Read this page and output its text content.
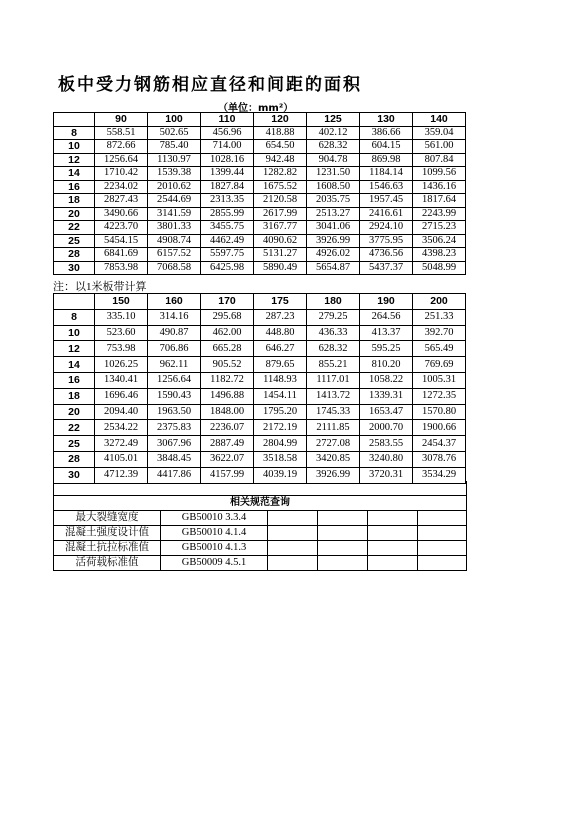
板中受力钢筋相应直径和间距的面积
（单位：mm²）
	90	100	110	120	125	130	140
8	558.51	502.65	456.96	418.88	402.12	386.66	359.04
10	872.66	785.40	714.00	654.50	628.32	604.15	561.00
12	1256.64	1130.97	1028.16	942.48	904.78	869.98	807.84
14	1710.42	1539.38	1399.44	1282.82	1231.50	1184.14	1099.56
16	2234.02	2010.62	1827.84	1675.52	1608.50	1546.63	1436.16
18	2827.43	2544.69	2313.35	2120.58	2035.75	1957.45	1817.64
20	3490.66	3141.59	2855.99	2617.99	2513.27	2416.61	2243.99
22	4223.70	3801.33	3455.75	3167.77	3041.06	2924.10	2715.23
25	5454.15	4908.74	4462.49	4090.62	3926.99	3775.95	3506.24
28	6841.69	6157.52	5597.75	5131.27	4926.02	4736.56	4398.23
30	7853.98	7068.58	6425.98	5890.49	5654.87	5437.37	5048.99
注：以1米板带计算
	150	160	170	175	180	190	200
8	335.10	314.16	295.68	287.23	279.25	264.56	251.33
10	523.60	490.87	462.00	448.80	436.33	413.37	392.70
12	753.98	706.86	665.28	646.27	628.32	595.25	565.49
14	1026.25	962.11	905.52	879.65	855.21	810.20	769.69
16	1340.41	1256.64	1182.72	1148.93	1117.01	1058.22	1005.31
18	1696.46	1590.43	1496.88	1454.11	1413.72	1339.31	1272.35
20	2094.40	1963.50	1848.00	1795.20	1745.33	1653.47	1570.80
22	2534.22	2375.83	2236.07	2172.19	2111.85	2000.70	1900.66
25	3272.49	3067.96	2887.49	2804.99	2727.08	2583.55	2454.37
28	4105.01	3848.45	3622.07	3518.58	3420.85	3240.80	3078.76
30	4712.39	4417.86	4157.99	4039.19	3926.99	3720.31	3534.29

相关规范查询					
最大裂缝宽度	GB50010 3.3.4				
混凝土强度设计值	GB50010 4.1.4				
混凝土抗拉标准值	GB50010 4.1.3				
活荷载标准值	GB50009 4.5.1				
